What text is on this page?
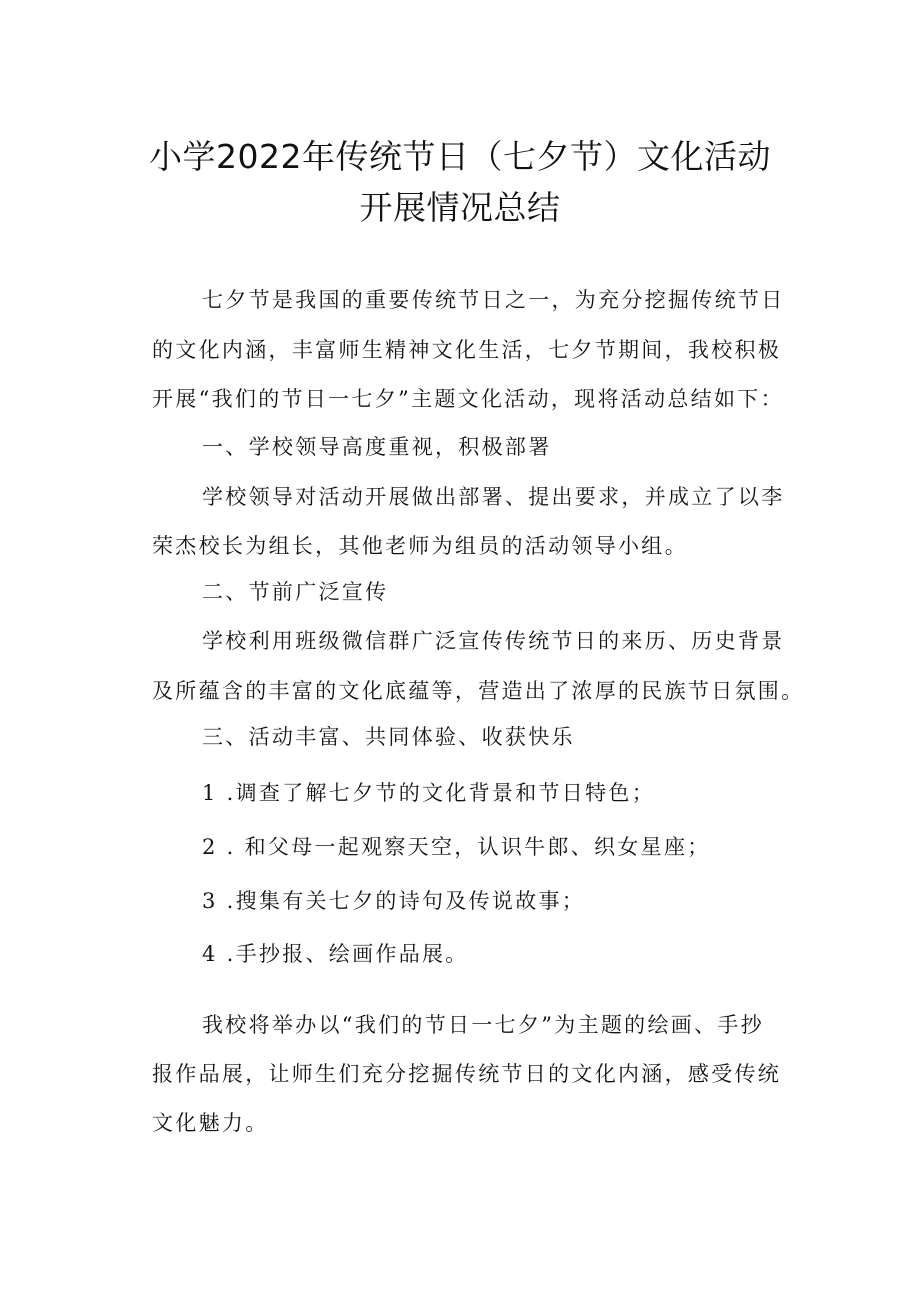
小学2022年传统节日（七夕节）文化活动
开展情况总结
七夕节是我国的重要传统节日之一，为充分挖掘传统节日
的文化内涵，丰富师生精神文化生活，七夕节期间，我校积极
开展“我们的节日一七夕”主题文化活动，现将活动总结如下：
一、学校领导高度重视，积极部署
学校领导对活动开展做出部署、提出要求，并成立了以李
荣杰校长为组长，其他老师为组员的活动领导小组。
二、节前广泛宣传
学校利用班级微信群广泛宣传传统节日的来历、历史背景
及所蕴含的丰富的文化底蕴等，营造出了浓厚的民族节日氛围。
三、活动丰富、共同体验、收获快乐
1 .调查了解七夕节的文化背景和节日特色；
2 . 和父母一起观察天空，认识牛郎、织女星座；
3 .搜集有关七夕的诗句及传说故事；
4 .手抄报、绘画作品展。
我校将举办以“我们的节日一七夕”为主题的绘画、手抄
报作品展，让师生们充分挖掘传统节日的文化内涵，感受传统
文化魅力。
